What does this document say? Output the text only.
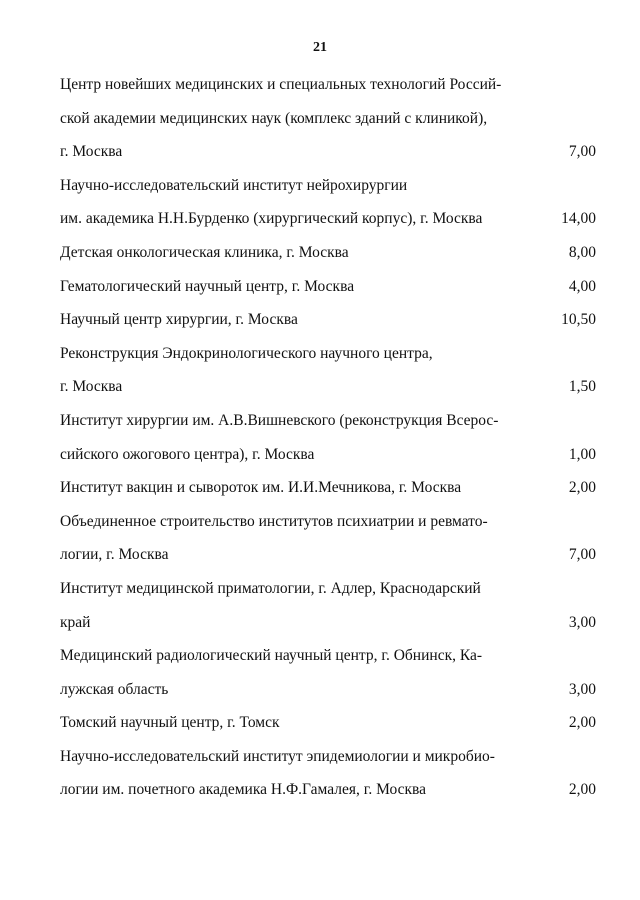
21
Центр новейших медицинских и специальных технологий Россий-
ской академии медицинских наук (комплекс зданий с клиникой),
г. Москва	7,00
Научно-исследовательский институт нейрохирургии
им. академика Н.Н.Бурденко (хирургический корпус), г. Москва	14,00
Детская онкологическая клиника, г. Москва	8,00
Гематологический научный центр, г. Москва	4,00
Научный центр хирургии, г. Москва	10,50
Реконструкция Эндокринологического научного центра,
г. Москва	1,50
Институт хирургии им. А.В.Вишневского (реконструкция Всерос-
сийского ожогового центра), г. Москва	1,00
Институт вакцин и сывороток им. И.И.Мечникова, г. Москва	2,00
Объединенное строительство институтов психиатрии и ревмато-
логии, г. Москва	7,00
Институт медицинской приматологии, г. Адлер, Краснодарский
край	3,00
Медицинский радиологический научный центр, г. Обнинск, Ка-
лужская область	3,00
Томский научный центр, г. Томск	2,00
Научно-исследовательский институт эпидемиологии и микробио-
логии им. почетного академика Н.Ф.Гамалея, г. Москва	2,00
